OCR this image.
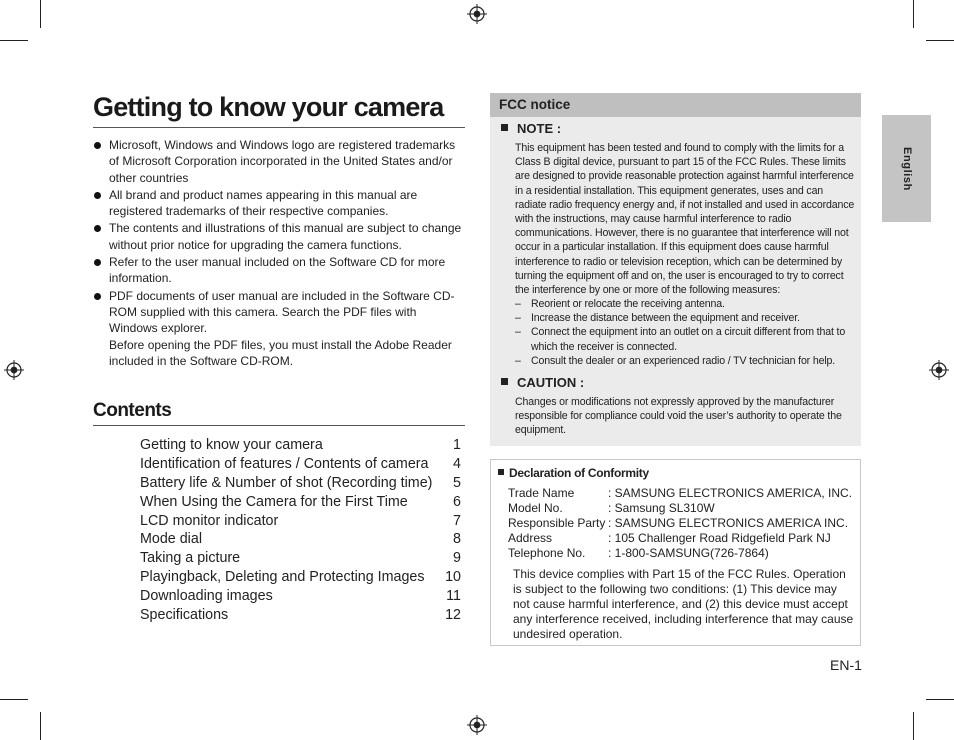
Getting to know your camera
Microsoft, Windows and Windows logo are registered trademarks of Microsoft Corporation incorporated in the United States and/or other countries
All brand and product names appearing in this manual are registered trademarks of their respective companies.
The contents and illustrations of this manual are subject to change without prior notice for upgrading the camera functions.
Refer to the user manual included on the Software CD for more information.
PDF documents of user manual are included in the Software CD-ROM supplied with this camera. Search the PDF files with Windows explorer.
Before opening the PDF files, you must install the Adobe Reader included in the Software CD-ROM.
Contents
Getting to know your camera	1
Identification of features / Contents of camera 4
Battery life & Number of shot (Recording time) 5
When Using the Camera for the First Time	6
LCD monitor indicator	7
Mode dial	8
Taking a picture	9
Playingback, Deleting and Protecting Images 10
Downloading images	11
Specifications	12
FCC notice
NOTE :
This equipment has been tested and found to comply with the limits for a Class B digital device, pursuant to part 15 of the FCC Rules. These limits are designed to provide reasonable protection against harmful interference in a residential installation. This equipment generates, uses and can radiate radio frequency energy and, if not installed and used in accordance with the instructions, may cause harmful interference to radio communications. However, there is no guarantee that interference will not occur in a particular installation. If this equipment does cause harmful interference to radio or television reception, which can be determined by turning the equipment off and on, the user is encouraged to try to correct the interference by one or more of the following measures:
– Reorient or relocate the receiving antenna.
– Increase the distance between the equipment and receiver.
– Connect the equipment into an outlet on a circuit different from that to which the receiver is connected.
– Consult the dealer or an experienced radio / TV technician for help.
CAUTION :
Changes or modifications not expressly approved by the manufacturer responsible for compliance could void the user’s authority to operate the equipment.
Declaration of Conformity
Trade Name	: SAMSUNG ELECTRONICS AMERICA, INC.
Model No.	: Samsung SL310W
Responsible Party : SAMSUNG ELECTRONICS AMERICA INC.
Address	: 105 Challenger Road Ridgefield Park NJ
Telephone No.	: 1-800-SAMSUNG(726-7864)
This device complies with Part 15 of the FCC Rules. Operation is subject to the following two conditions: (1) This device may not cause harmful interference, and (2) this device must accept any interference received, including interference that may cause undesired operation.
EN-1
English
